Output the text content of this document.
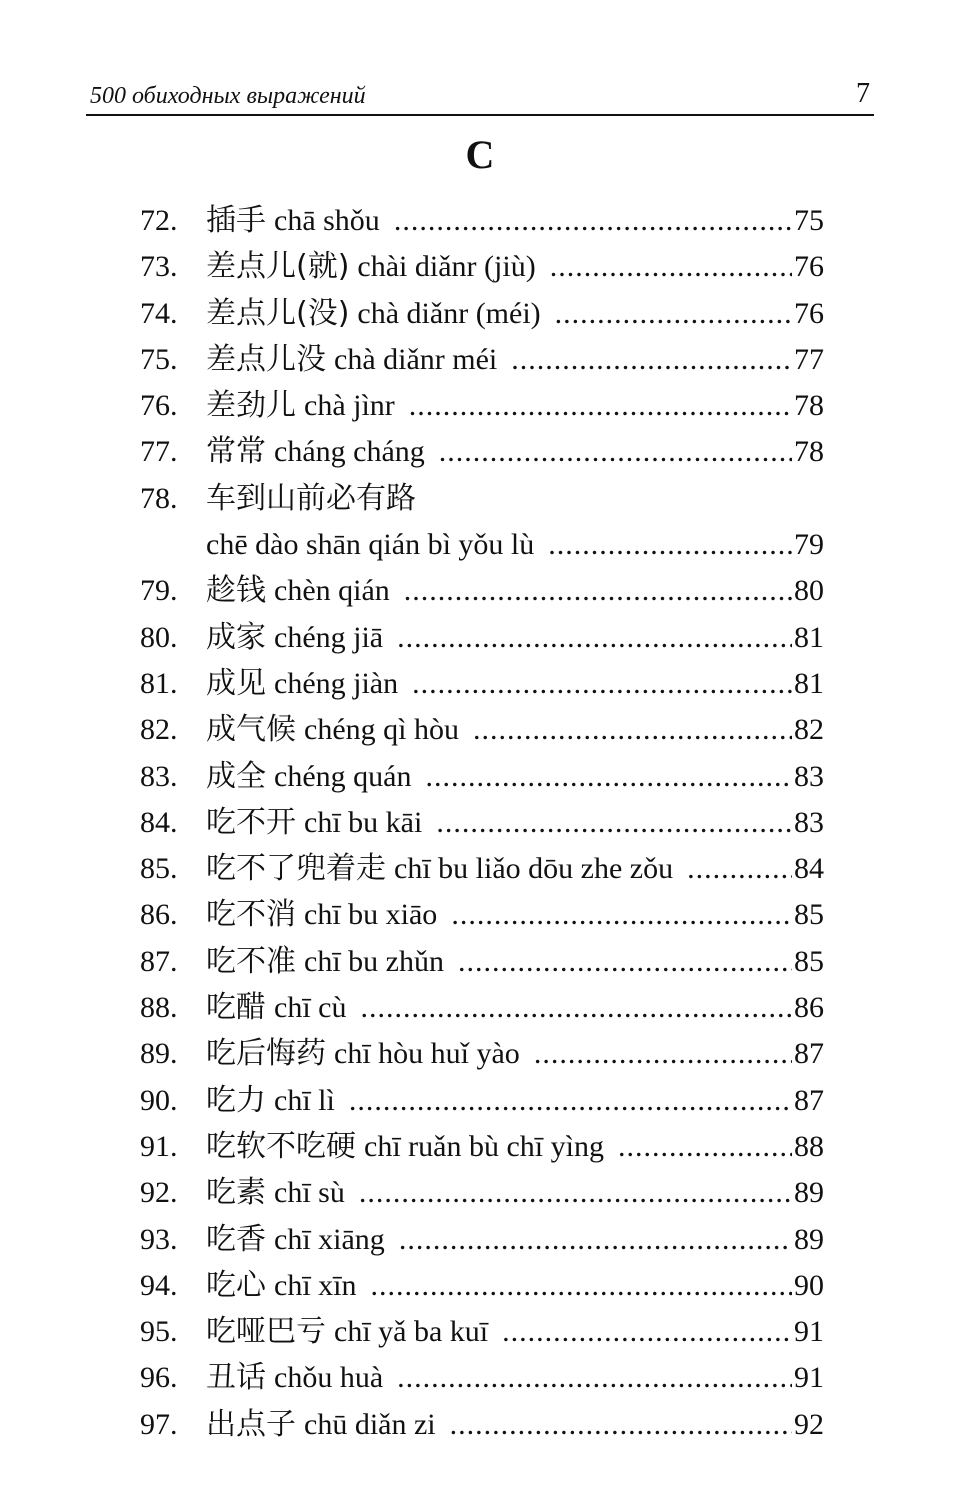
500 обиходных выражений	7
C
72. 插手 chā shǒu .....	75
73. 差点儿(就) chài diǎnr (jiù) .....	76
74. 差点儿(没) chà diǎnr (méi) .....	76
75. 差点儿没 chà diǎnr méi .....	77
76. 差劲儿 chà jìnr .....	78
77. 常常 cháng cháng .....	78
78. 车到山前必有路
chē dào shān qián bì yǒu lù .....	79
79. 趁钱 chèn qián .....	80
80. 成家 chéng jiā .....	81
81. 成见 chéng jiàn .....	81
82. 成气候 chéng qì hòu .....	82
83. 成全 chéng quán .....	83
84. 吃不开 chī bu kāi .....	83
85. 吃不了兜着走 chī bu liǎo dōu zhe zǒu .....	84
86. 吃不消 chī bu xiāo .....	85
87. 吃不准 chī bu zhǔn .....	85
88. 吃醋 chī cù .....	86
89. 吃后悔药 chī hòu huǐ yào .....	87
90. 吃力 chī lì .....	87
91. 吃软不吃硬 chī ruǎn bù chī yìng .....	88
92. 吃素 chī sù .....	89
93. 吃香 chī xiāng .....	89
94. 吃心 chī xīn .....	90
95. 吃哑巴亏 chī yǎ ba kuī .....	91
96. 丑话 chǒu huà .....	91
97. 出点子 chū diǎn zi .....	92
